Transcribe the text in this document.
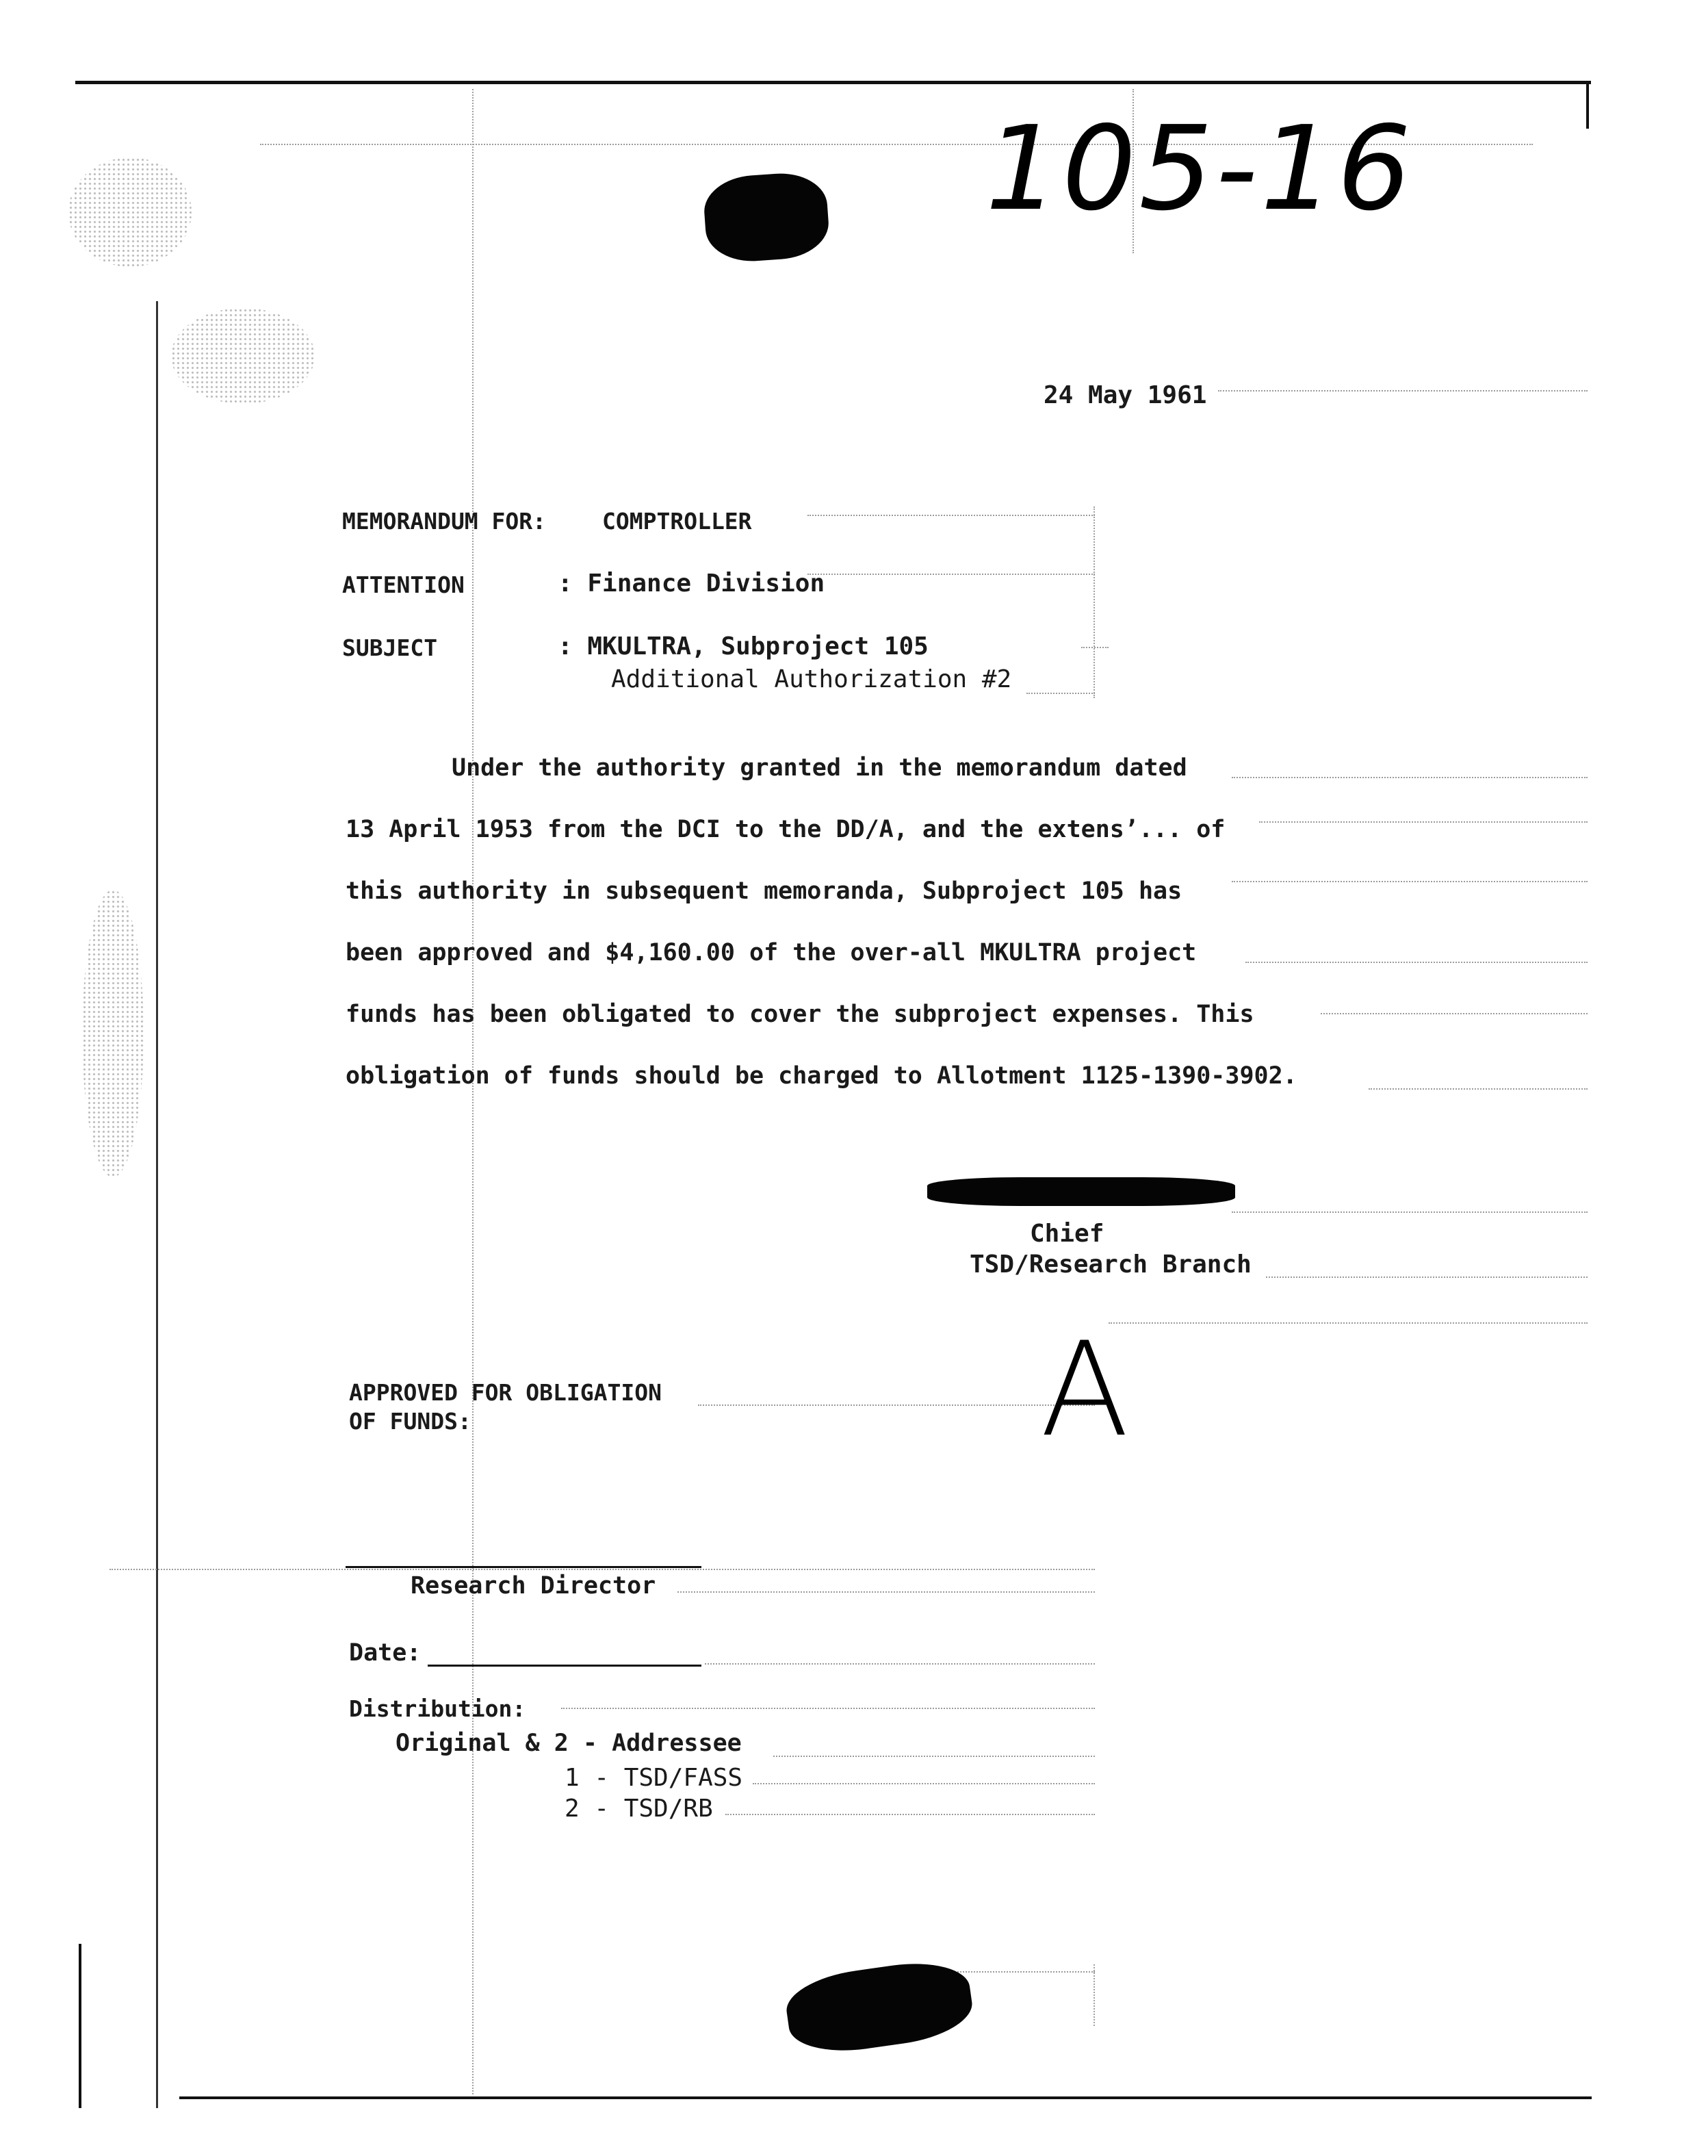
105-16
24 May 1961
MEMORANDUM FOR: COMPTROLLER
ATTENTION	: Finance Division
SUBJECT	: MKULTRA, Subproject 105
Additional Authorization #2
Under the authority granted in the memorandum dated
13 April 1953 from the DCI to the DD/A, and the extens’... of
this authority in subsequent memoranda, Subproject 105 has
been approved and $4,160.00 of the over-all MKULTRA project
funds has been obligated to cover the subproject expenses. This
obligation of funds should be charged to Allotment 1125-1390-3902.
Chief
TSD/Research Branch
A
APPROVED FOR OBLIGATION
OF FUNDS:
Research Director
Date:
Distribution:
Original & 2 - Addressee
1 - TSD/FASS
2 - TSD/RB
